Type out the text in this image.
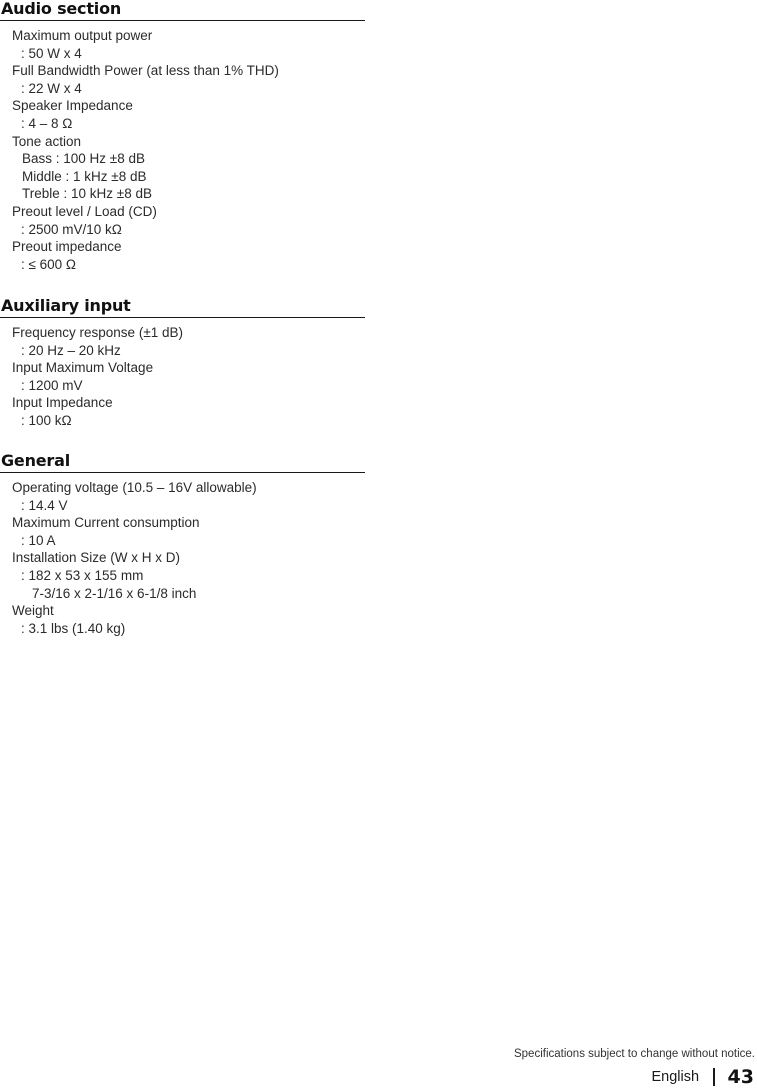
Audio section
Maximum output power
: 50 W x 4
Full Bandwidth Power (at less than 1% THD)
: 22 W x 4
Speaker Impedance
: 4 – 8 Ω
Tone action
Bass : 100 Hz ±8 dB
Middle : 1 kHz ±8 dB
Treble : 10 kHz ±8 dB
Preout level / Load (CD)
: 2500 mV/10 kΩ
Preout impedance
: ≤ 600 Ω
Auxiliary input
Frequency response (±1 dB)
: 20 Hz – 20 kHz
Input Maximum Voltage
: 1200 mV
Input Impedance
: 100 kΩ
General
Operating voltage (10.5 – 16V allowable)
: 14.4 V
Maximum Current consumption
: 10 A
Installation Size (W x H x D)
: 182 x 53 x 155 mm
7-3/16 x 2-1/16 x 6-1/8 inch
Weight
: 3.1 lbs (1.40 kg)
Specifications subject to change without notice.
English 43
